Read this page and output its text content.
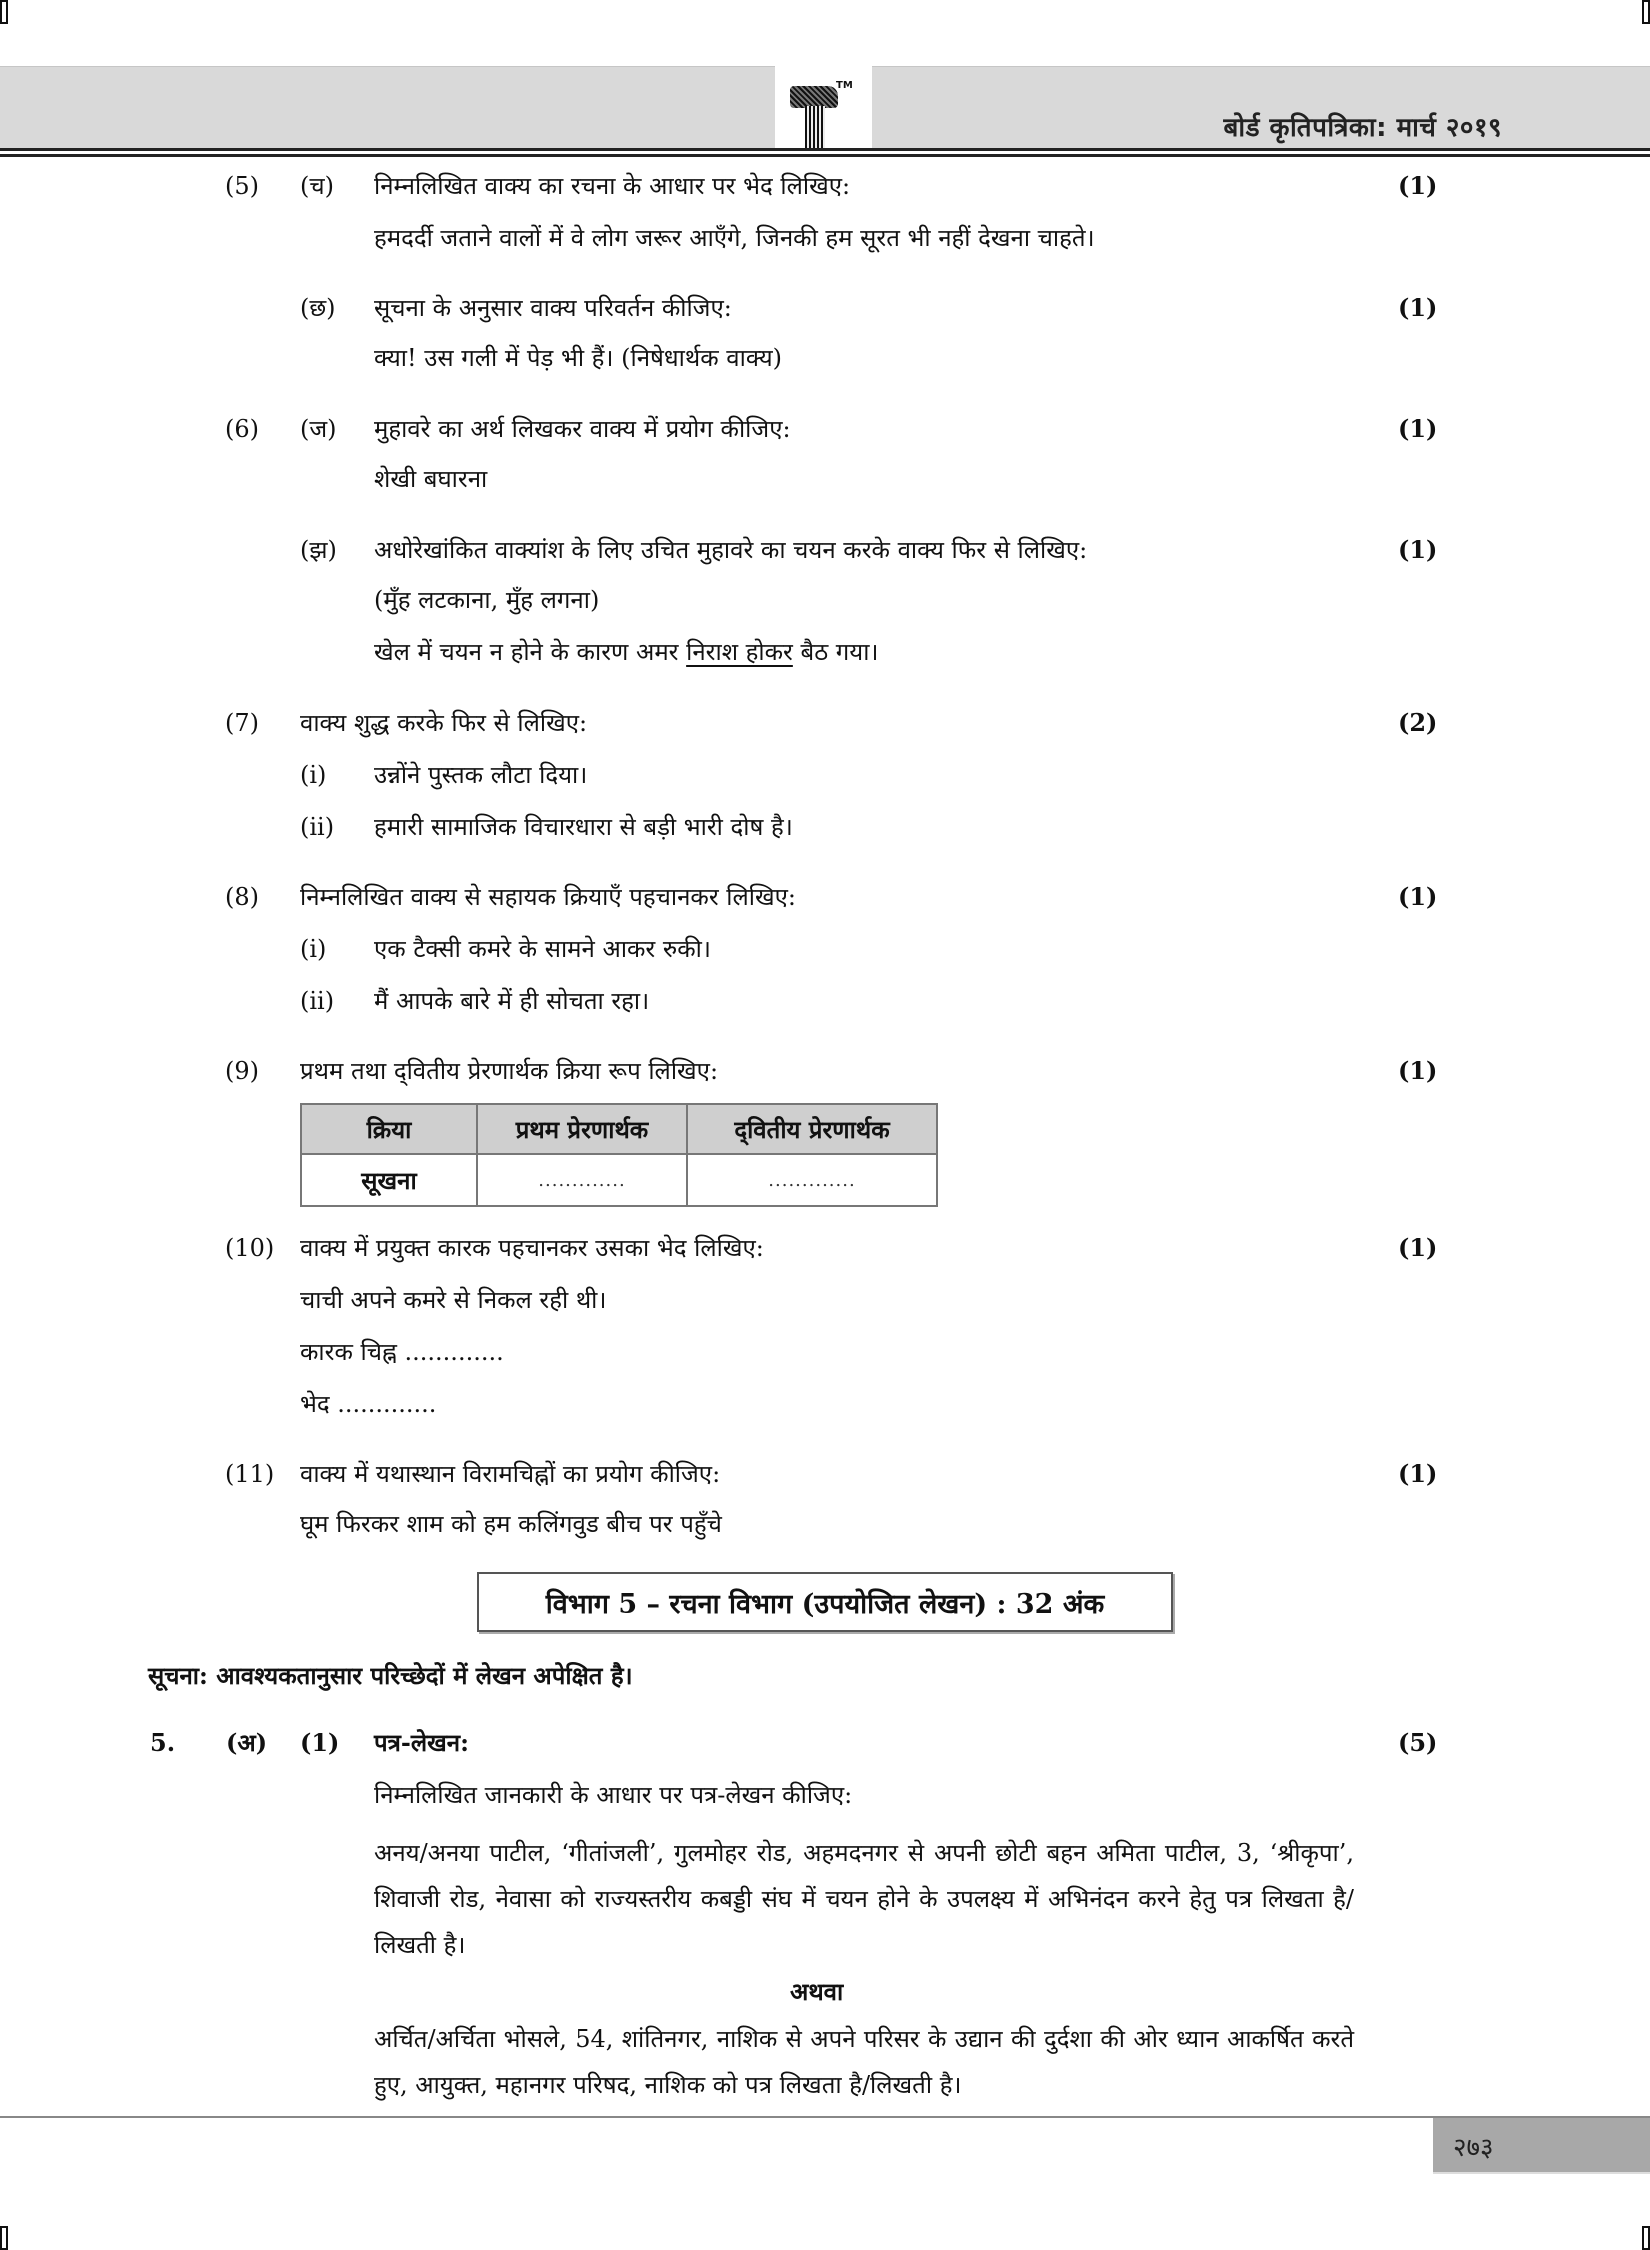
TM
बोर्ड कृतिपत्रिका: मार्च २०१९
(5) (च) निम्नलिखित वाक्य का रचना के आधार पर भेद लिखिए:	(1)
हमदर्दी जताने वालों में वे लोग जरूर आएँगे, जिनकी हम सूरत भी नहीं देखना चाहते।
(छ) सूचना के अनुसार वाक्य परिवर्तन कीजिए:	(1)
क्या! उस गली में पेड़ भी हैं। (निषेधार्थक वाक्य)
(6) (ज) मुहावरे का अर्थ लिखकर वाक्य में प्रयोग कीजिए:	(1)
शेखी बघारना
(झ) अधोरेखांकित वाक्यांश के लिए उचित मुहावरे का चयन करके वाक्य फिर से लिखिए:	(1)
(मुँह लटकाना, मुँह लगना)
खेल में चयन न होने के कारण अमर निराश होकर बैठ गया।
(7) वाक्य शुद्ध करके फिर से लिखिए:	(2)
(i) उन्नोंने पुस्तक लौटा दिया।
(ii) हमारी सामाजिक विचारधारा से बड़ी भारी दोष है।
(8) निम्नलिखित वाक्य से सहायक क्रियाएँ पहचानकर लिखिए:	(1)
(i) एक टैक्सी कमरे के सामने आकर रुकी।
(ii) मैं आपके बारे में ही सोचता रहा।
(9) प्रथम तथा द्‌वितीय प्रेरणार्थक क्रिया रूप लिखिए:	(1)
क्रिया	प्रथम प्रेरणार्थक	द्‌वितीय प्रेरणार्थक
सूखना	.............	.............
(10) वाक्य में प्रयुक्त कारक पहचानकर उसका भेद लिखिए:	(1)
चाची अपने कमरे से निकल रही थी।
कारक चिह्न .............
भेद .............
(11) वाक्य में यथास्थान विरामचिह्नों का प्रयोग कीजिए:	(1)
घूम फिरकर शाम को हम कलिंगवुड बीच पर पहुँचे
विभाग 5 – रचना विभाग (उपयोजित लेखन) : 32 अंक
सूचना: आवश्यकतानुसार परिच्छेदों में लेखन अपेक्षित है।
5. (अ) (1) पत्र-लेखन:	(5)
निम्नलिखित जानकारी के आधार पर पत्र-लेखन कीजिए:
अनय/अनया पाटील, ‘गीतांजली’, गुलमोहर रोड, अहमदनगर से अपनी छोटी बहन अमिता पाटील, 3, ‘श्रीकृपा’, शिवाजी रोड, नेवासा को राज्यस्तरीय कबड्डी संघ में चयन होने के उपलक्ष्य में अभिनंदन करने हेतु पत्र लिखता है/लिखती है।
अथवा
अर्चित/अर्चिता भोसले, 54, शांतिनगर, नाशिक से अपने परिसर के उद्यान की दुर्दशा की ओर ध्यान आकर्षित करते हुए, आयुक्त, महानगर परिषद, नाशिक को पत्र लिखता है/लिखती है।
२७३
